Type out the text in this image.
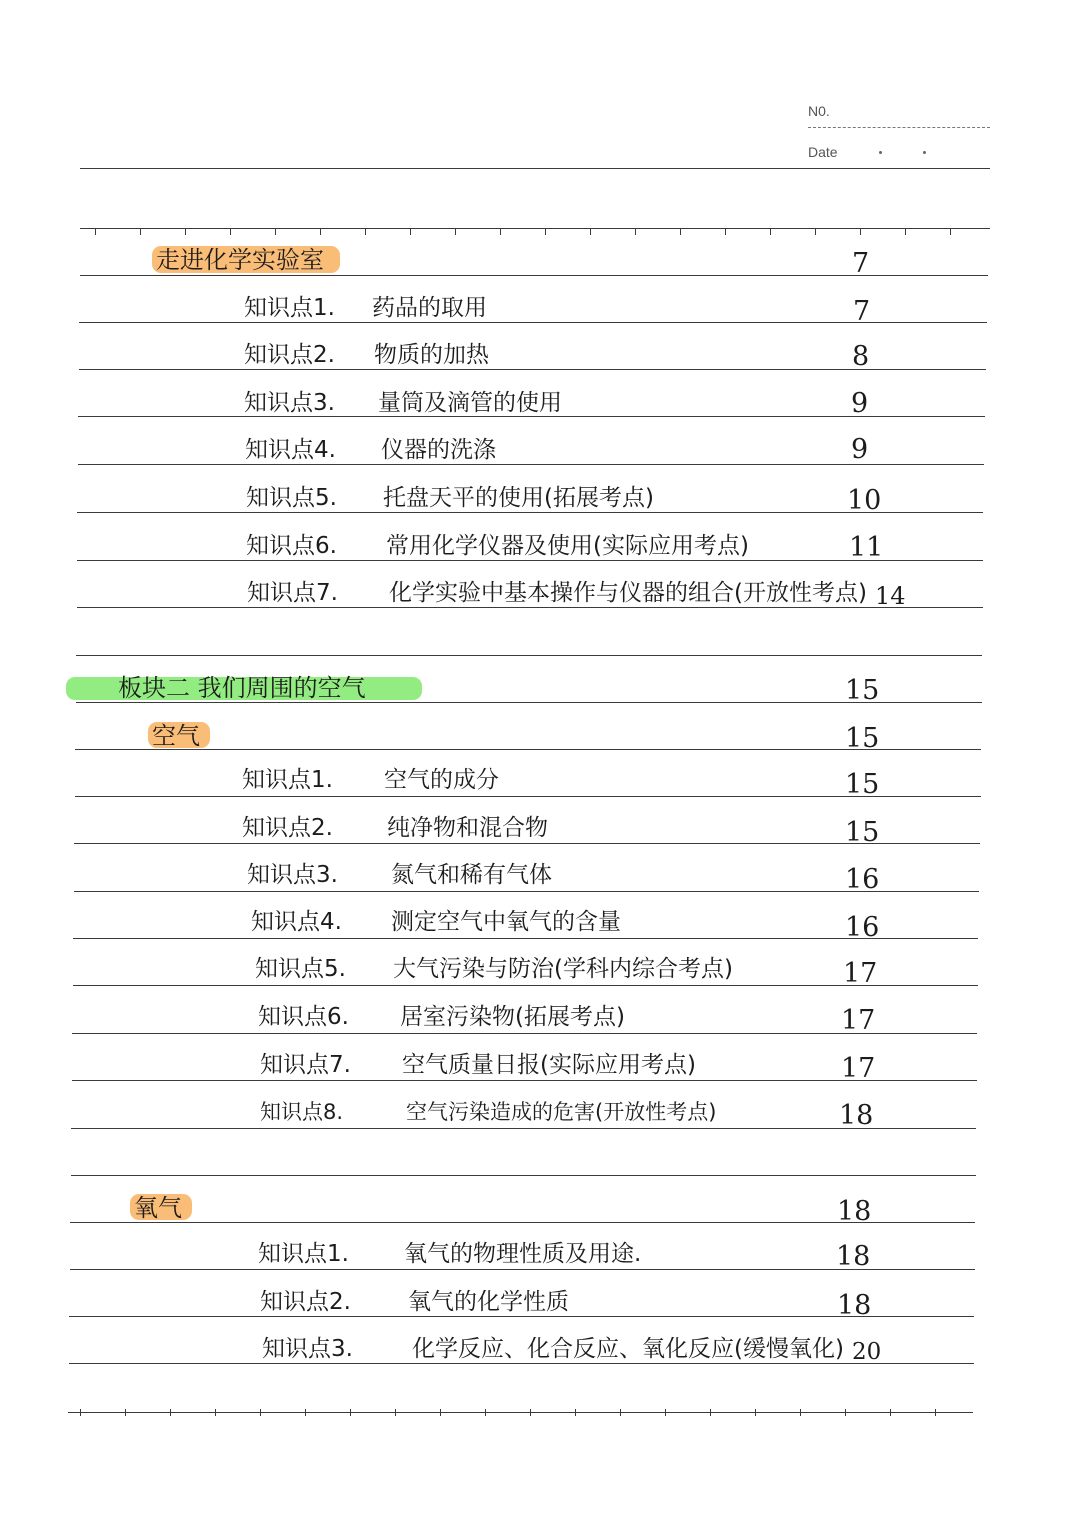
N0.
Date
走进化学实验室	7
知识点1. 药品的取用	7
知识点2. 物质的加热	8
知识点3. 量筒及滴管的使用	9
知识点4. 仪器的洗涤	9
知识点5. 托盘天平的使用(拓展考点)	10
知识点6. 常用化学仪器及使用(实际应用考点)	11
知识点7. 化学实验中基本操作与仪器的组合(开放性考点) 14
板块二 我们周围的空气	15
空气	15
知识点1. 空气的成分	15
知识点2. 纯净物和混合物	15
知识点3. 氮气和稀有气体	16
知识点4. 测定空气中氧气的含量	16
知识点5. 大气污染与防治(学科内综合考点)	17
知识点6. 居室污染物(拓展考点)	17
知识点7. 空气质量日报(实际应用考点)	17
知识点8.	空气污染造成的危害(开放性考点)	18
氧气	18
知识点1. 氧气的物理性质及用途.	18
知识点2. 氧气的化学性质	18
知识点3.	化学反应、化合反应、氧化反应(缓慢氧化) 20
